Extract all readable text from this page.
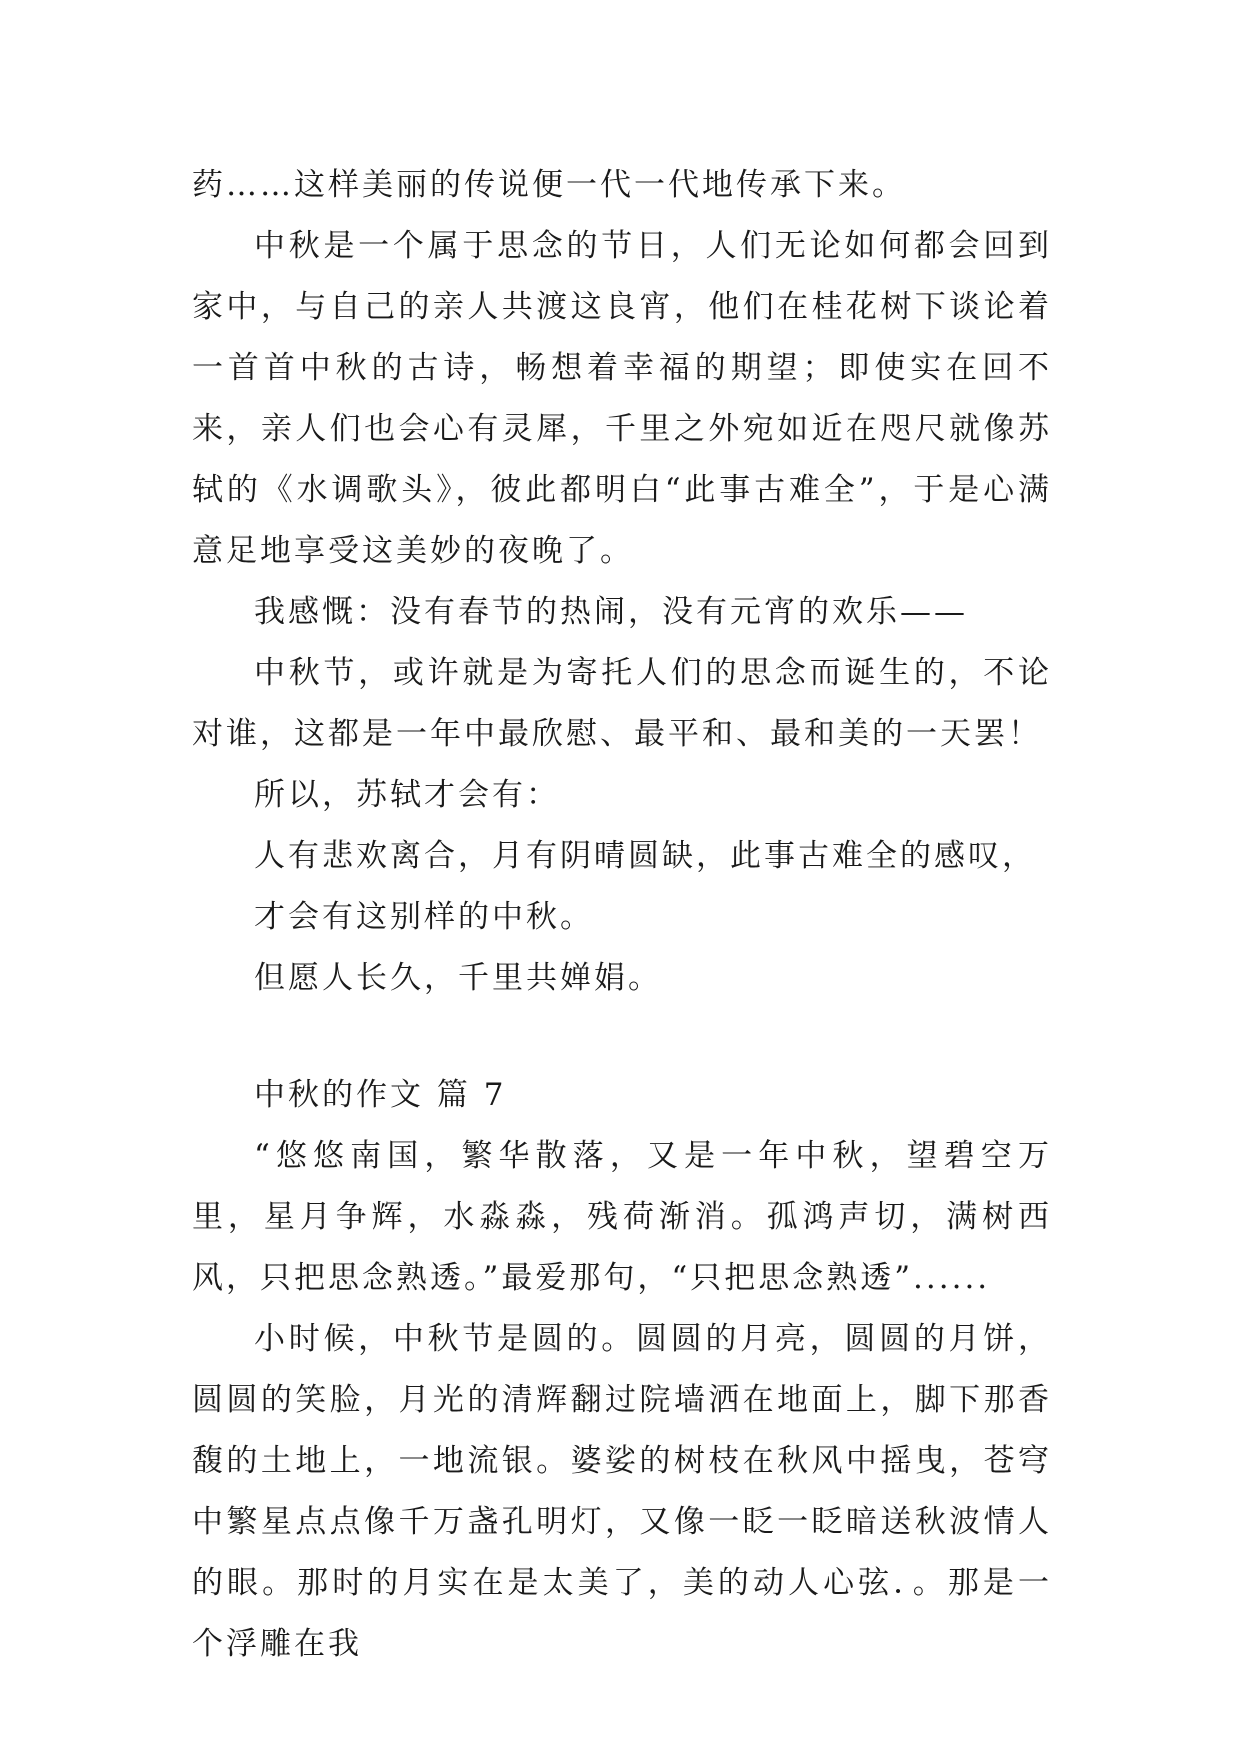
药……这样美丽的传说便一代一代地传承下来。

中秋是一个属于思念的节日，人们无论如何都会回到家中，与自己的亲人共渡这良宵，他们在桂花树下谈论着一首首中秋的古诗，畅想着幸福的期望；即使实在回不来，亲人们也会心有灵犀，千里之外宛如近在咫尺就像苏轼的《水调歌头》，彼此都明白“此事古难全”，于是心满意足地享受这美妙的夜晚了。

我感慨：没有春节的热闹，没有元宵的欢乐——

中秋节，或许就是为寄托人们的思念而诞生的，不论对谁，这都是一年中最欣慰、最平和、最和美的一天罢！

所以，苏轼才会有：

人有悲欢离合，月有阴晴圆缺，此事古难全的感叹，

才会有这别样的中秋。

但愿人长久，千里共婵娟。

中秋的作文 篇 7

“悠悠南国，繁华散落，又是一年中秋，望碧空万里，星月争辉，水淼淼，残荷渐消。孤鸿声切，满树西风，只把思念熟透。”最爱那句，“只把思念熟透”......

小时候，中秋节是圆的。圆圆的月亮，圆圆的月饼，圆圆的笑脸，月光的清辉翻过院墙洒在地面上，脚下那香馥的土地上，一地流银。婆娑的树枝在秋风中摇曳，苍穹中繁星点点像千万盏孔明灯，又像一眨一眨暗送秋波情人的眼。那时的月实在是太美了，美的动人心弦．。那是一个浮雕在我
